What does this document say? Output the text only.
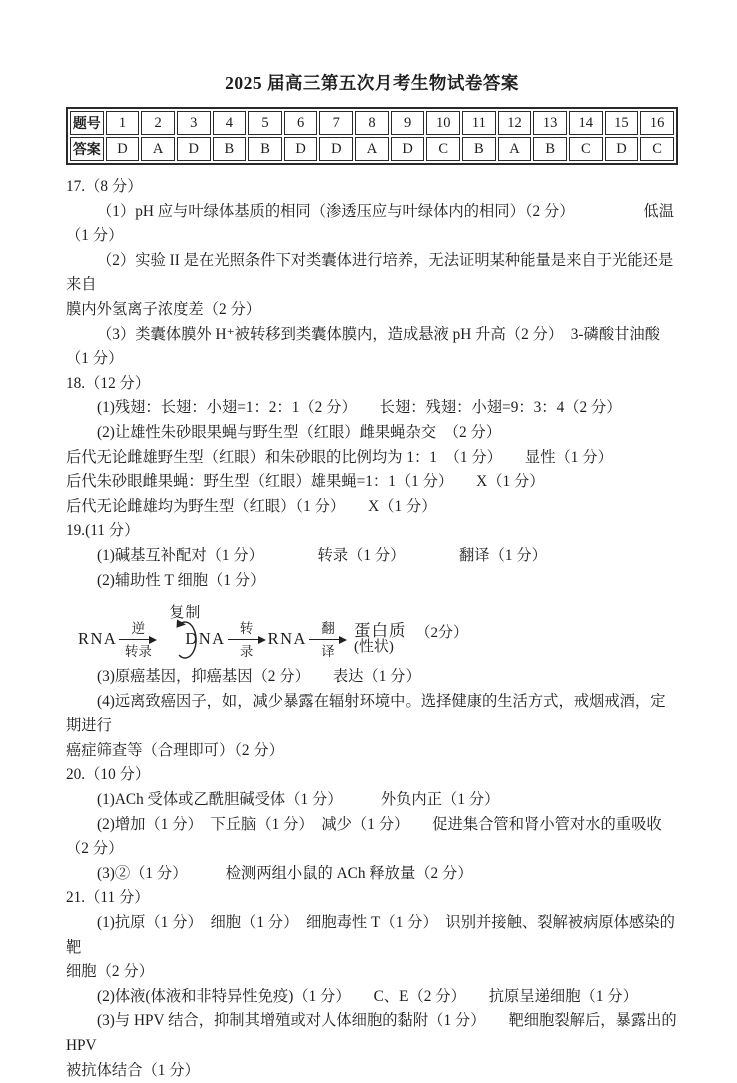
2025 届高三第五次月考生物试卷答案
题号	1	2	3	4	5	6	7	8	9	10	11	12	13	14	15	16
答案	D	A	D	B	B	D	D	A	D	C	B	A	B	C	D	C

17.（8 分）

（1）pH 应与叶绿体基质的相同（渗透压应与叶绿体内的相同）（2 分）　　　　　低温（1 分）

（2）实验 II 是在光照条件下对类囊体进行培养，无法证明某种能量是来自于光能还是来自

膜内外氢离子浓度差（2 分）

（3）类囊体膜外 H⁺被转移到类囊体膜内，造成悬液 pH 升高（2 分）　3-磷酸甘油酸（1 分）

18.（12 分）

(1)残翅：长翅：小翅=1：2：1（2 分）　　长翅：残翅：小翅=9：3：4（2 分）

(2)让雄性朱砂眼果蝇与野生型（红眼）雌果蝇杂交　（2 分）

后代无论雌雄野生型（红眼）和朱砂眼的比例均为 1：1　（1 分）　　显性（1 分）

后代朱砂眼雌果蝇：野生型（红眼）雄果蝇=1：1（1 分）　　X（1 分）

后代无论雌雄均为野生型（红眼）（1 分）　　X（1 分）

19.(11 分）

(1)碱基互补配对（1 分）　　　　转录（1 分）　　　　翻译（1 分）

(2)辅助性 T 细胞（1 分）

RNA
逆
转录
复制
DNA
转
录
RNA
翻
译
蛋白质
(性状)
（2分）

(3)原癌基因，抑癌基因（2 分）　　表达（1 分）

(4)远离致癌因子，如，减少暴露在辐射环境中。选择健康的生活方式，戒烟戒酒，定期进行

癌症筛查等（合理即可）（2 分）

20.（10 分）

(1)ACh 受体或乙酰胆碱受体（1 分）　　　外负内正（1 分）

(2)增加（1 分）　下丘脑（1 分）　减少（1 分）　　促进集合管和肾小管对水的重吸收（2 分）

(3)②（1 分）　　　检测两组小鼠的 ACh 释放量（2 分）

21.（11 分）

(1)抗原（1 分）　细胞（1 分）　细胞毒性 T（1 分）　识别并接触、裂解被病原体感染的靶

细胞（2 分）

(2)体液(体液和非特异性免疫)（1 分）　　C、E（2 分）　　抗原呈递细胞（1 分）

(3)与 HPV 结合，抑制其增殖或对人体细胞的黏附（1 分）　　靶细胞裂解后，暴露出的 HPV

被抗体结合（1 分）
